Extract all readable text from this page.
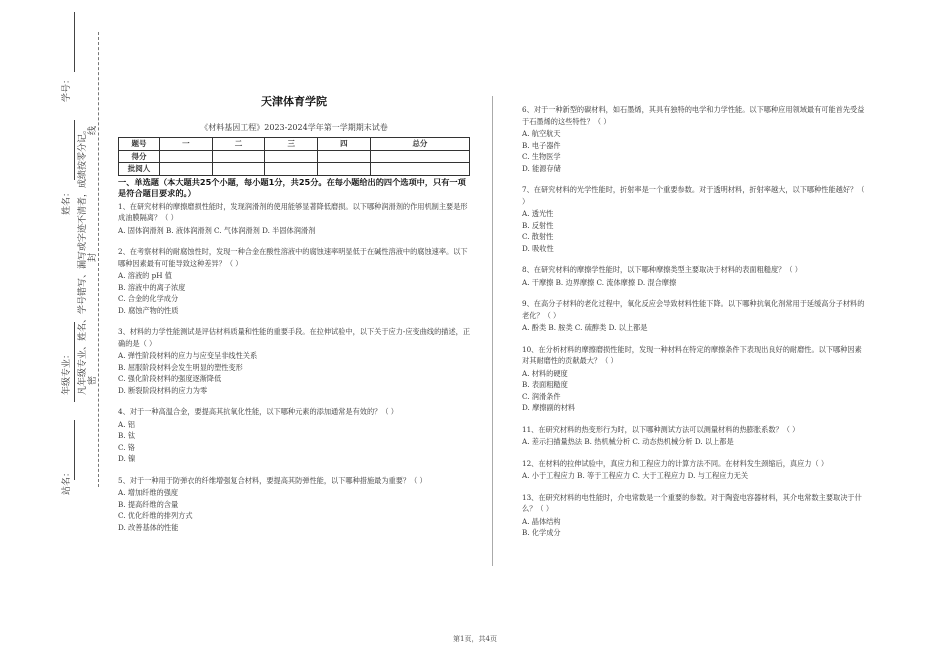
学号：
姓名：
年级专业：
站名：
凡年级专业、姓名、学号错写、漏写或字迹不清者，成绩按零分记。 线
封
密
天津体育学院
《材料基因工程》2023-2024学年第一学期期末试卷
题号	一	二	三	四	总分
得分					
批阅人					
一、单选题（本大题共25个小题，每小题1分，共25分。在每小题给出的四个选项中，只有一项是符合题目要求的。）
1、在研究材料的摩擦磨损性能时，发现润滑剂的使用能够显著降低磨损。以下哪种润滑剂的作用机制主要是形成油膜隔离？（ ）
A. 固体润滑剂 B. 液体润滑剂 C. 气体润滑剂 D. 半固体润滑剂
2、在考察材料的耐腐蚀性时，发现一种合金在酸性溶液中的腐蚀速率明显低于在碱性溶液中的腐蚀速率。以下哪种因素最有可能导致这种差异？（ ）
A. 溶液的 pH 值
B. 溶液中的离子浓度
C. 合金的化学成分
D. 腐蚀产物的性质
3、材料的力学性能测试是评估材料质量和性能的重要手段。在拉伸试验中，以下关于应力-应变曲线的描述，正确的是（ ）
A. 弹性阶段材料的应力与应变呈非线性关系
B. 屈服阶段材料会发生明显的塑性变形
C. 强化阶段材料的强度逐渐降低
D. 断裂阶段材料的应力为零
4、对于一种高温合金，要提高其抗氧化性能，以下哪种元素的添加通常是有效的？（ ）
A. 铝
B. 钛
C. 铬
D. 镍
5、对于一种用于防弹衣的纤维增强复合材料，要提高其防弹性能，以下哪种措施最为重要？（ ）
A. 增加纤维的强度
B. 提高纤维的含量
C. 优化纤维的排列方式
D. 改善基体的性能
6、对于一种新型的碳材料，如石墨烯，其具有独特的电学和力学性能。以下哪种应用领域最有可能首先受益于石墨烯的这些特性？（ ）
A. 航空航天
B. 电子器件
C. 生物医学
D. 能源存储
7、在研究材料的光学性能时，折射率是一个重要参数。对于透明材料，折射率越大，以下哪种性能越好？（ ）
A. 透光性
B. 反射性
C. 散射性
D. 吸收性
8、在研究材料的摩擦学性能时，以下哪种摩擦类型主要取决于材料的表面粗糙度？（ ）
A. 干摩擦 B. 边界摩擦 C. 流体摩擦 D. 混合摩擦
9、在高分子材料的老化过程中，氧化反应会导致材料性能下降。以下哪种抗氧化剂常用于延缓高分子材料的老化？（ ）
A. 酚类 B. 胺类 C. 硫醇类 D. 以上都是
10、在分析材料的摩擦磨损性能时，发现一种材料在特定的摩擦条件下表现出良好的耐磨性。以下哪种因素对其耐磨性的贡献最大？（ ）
A. 材料的硬度
B. 表面粗糙度
C. 润滑条件
D. 摩擦副的材料
11、在研究材料的热变形行为时，以下哪种测试方法可以测量材料的热膨胀系数？（ ）
A. 差示扫描量热法 B. 热机械分析 C. 动态热机械分析 D. 以上都是
12、在材料的拉伸试验中，真应力和工程应力的计算方法不同。在材料发生颈缩后，真应力（ ）
A. 小于工程应力 B. 等于工程应力 C. 大于工程应力 D. 与工程应力无关
13、在研究材料的电性能时，介电常数是一个重要的参数。对于陶瓷电容器材料，其介电常数主要取决于什么？（ ）
A. 晶体结构
B. 化学成分
第1页，共4页
